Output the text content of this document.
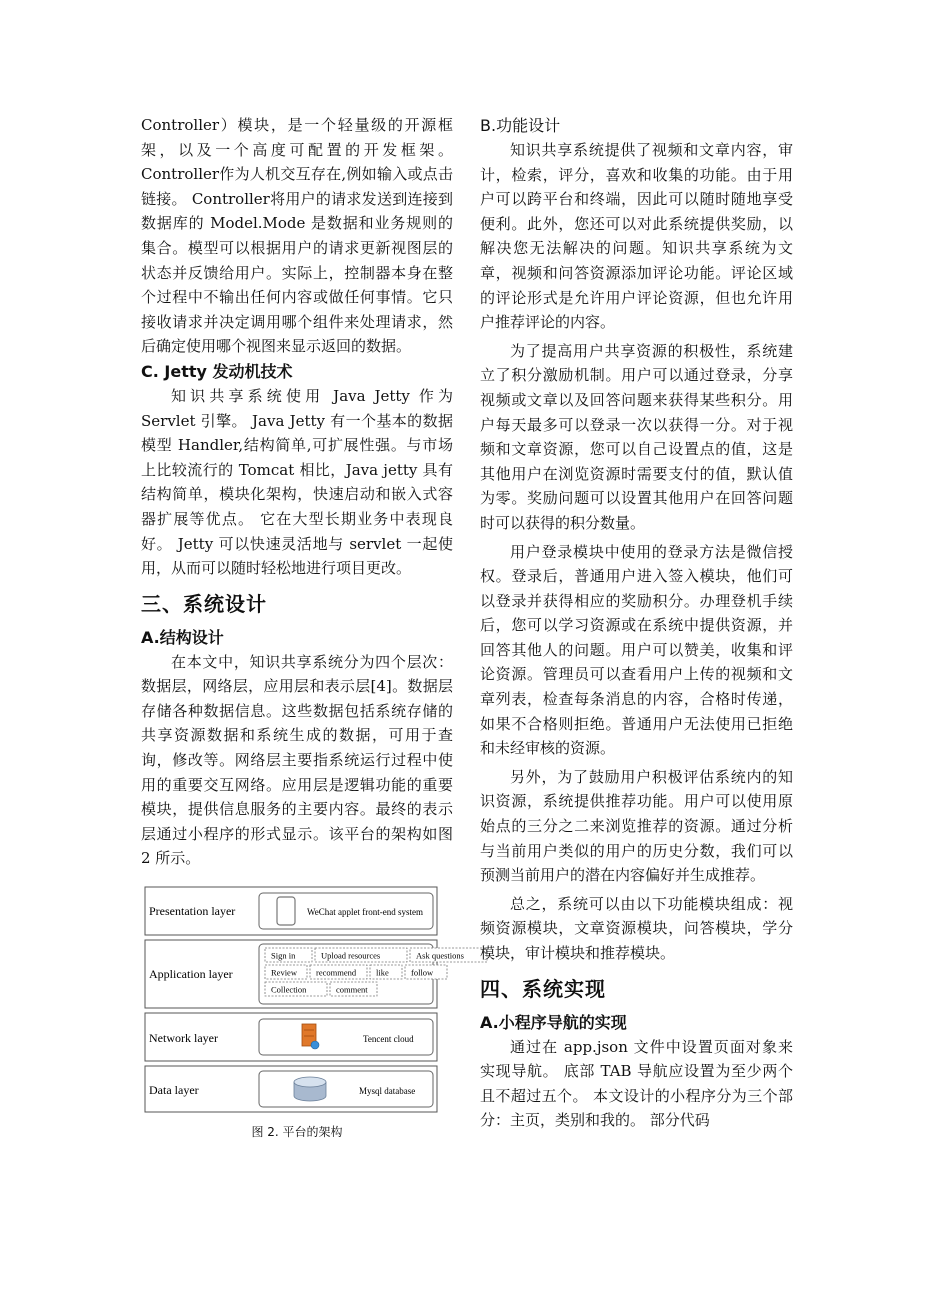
Controller）模块，是一个轻量级的开源框架，以及一个高度可配置的开发框架。 Controller作为人机交互存在,例如输入或点击链接。 Controller将用户的请求发送到连接到数据库的 Model.Mode 是数据和业务规则的集合。模型可以根据用户的请求更新视图层的状态并反馈给用户。实际上，控制器本身在整个过程中不输出任何内容或做任何事情。它只接收请求并决定调用哪个组件来处理请求，然后确定使用哪个视图来显示返回的数据。

C. Jetty 发动机技术

知识共享系统使用 Java Jetty 作为 Servlet 引擎。 Java Jetty 有一个基本的数据模型 Handler,结构简单,可扩展性强。与市场上比较流行的 Tomcat 相比，Java jetty 具有结构简单，模块化架构，快速启动和嵌入式容器扩展等优点。 它在大型长期业务中表现良好。 Jetty 可以快速灵活地与 servlet 一起使用，从而可以随时轻松地进行项目更改。

三、系统设计
A.结构设计

在本文中，知识共享系统分为四个层次：数据层，网络层，应用层和表示层[4]。数据层存储各种数据信息。这些数据包括系统存储的共享资源数据和系统生成的数据，可用于查询，修改等。网络层主要指系统运行过程中使用的重要交互网络。应用层是逻辑功能的重要模块，提供信息服务的主要内容。最终的表示层通过小程序的形式显示。该平台的架构如图 2 所示。

Presentation layer	WeChat applet front-end system
Application layer
Sign in	Upload resources	Ask questions
Review recommend like	follow
Collection	comment
Network layer	Tencent cloud
Data layer	Mysql database
图 2. 平台的架构
B.功能设计

知识共享系统提供了视频和文章内容，审计，检索，评分，喜欢和收集的功能。由于用户可以跨平台和终端，因此可以随时随地享受便利。此外，您还可以对此系统提供奖励，以解决您无法解决的问题。知识共享系统为文章，视频和问答资源添加评论功能。评论区域的评论形式是允许用户评论资源，但也允许用户推荐评论的内容。

为了提高用户共享资源的积极性，系统建立了积分激励机制。用户可以通过登录，分享视频或文章以及回答问题来获得某些积分。用户每天最多可以登录一次以获得一分。对于视频和文章资源，您可以自己设置点的值，这是其他用户在浏览资源时需要支付的值，默认值为零。奖励问题可以设置其他用户在回答问题时可以获得的积分数量。

用户登录模块中使用的登录方法是微信授权。登录后，普通用户进入签入模块，他们可以登录并获得相应的奖励积分。办理登机手续后，您可以学习资源或在系统中提供资源，并回答其他人的问题。用户可以赞美，收集和评论资源。管理员可以查看用户上传的视频和文章列表，检查每条消息的内容，合格时传递，如果不合格则拒绝。普通用户无法使用已拒绝和未经审核的资源。

另外，为了鼓励用户积极评估系统内的知识资源，系统提供推荐功能。用户可以使用原始点的三分之二来浏览推荐的资源。通过分析与当前用户类似的用户的历史分数，我们可以预测当前用户的潜在内容偏好并生成推荐。

总之，系统可以由以下功能模块组成：视频资源模块，文章资源模块，问答模块，学分模块，审计模块和推荐模块。

四、系统实现
A.小程序导航的实现

通过在 app.json 文件中设置页面对象来实现导航。 底部 TAB 导航应设置为至少两个且不超过五个。 本文设计的小程序分为三个部分：主页，类别和我的。 部分代码
